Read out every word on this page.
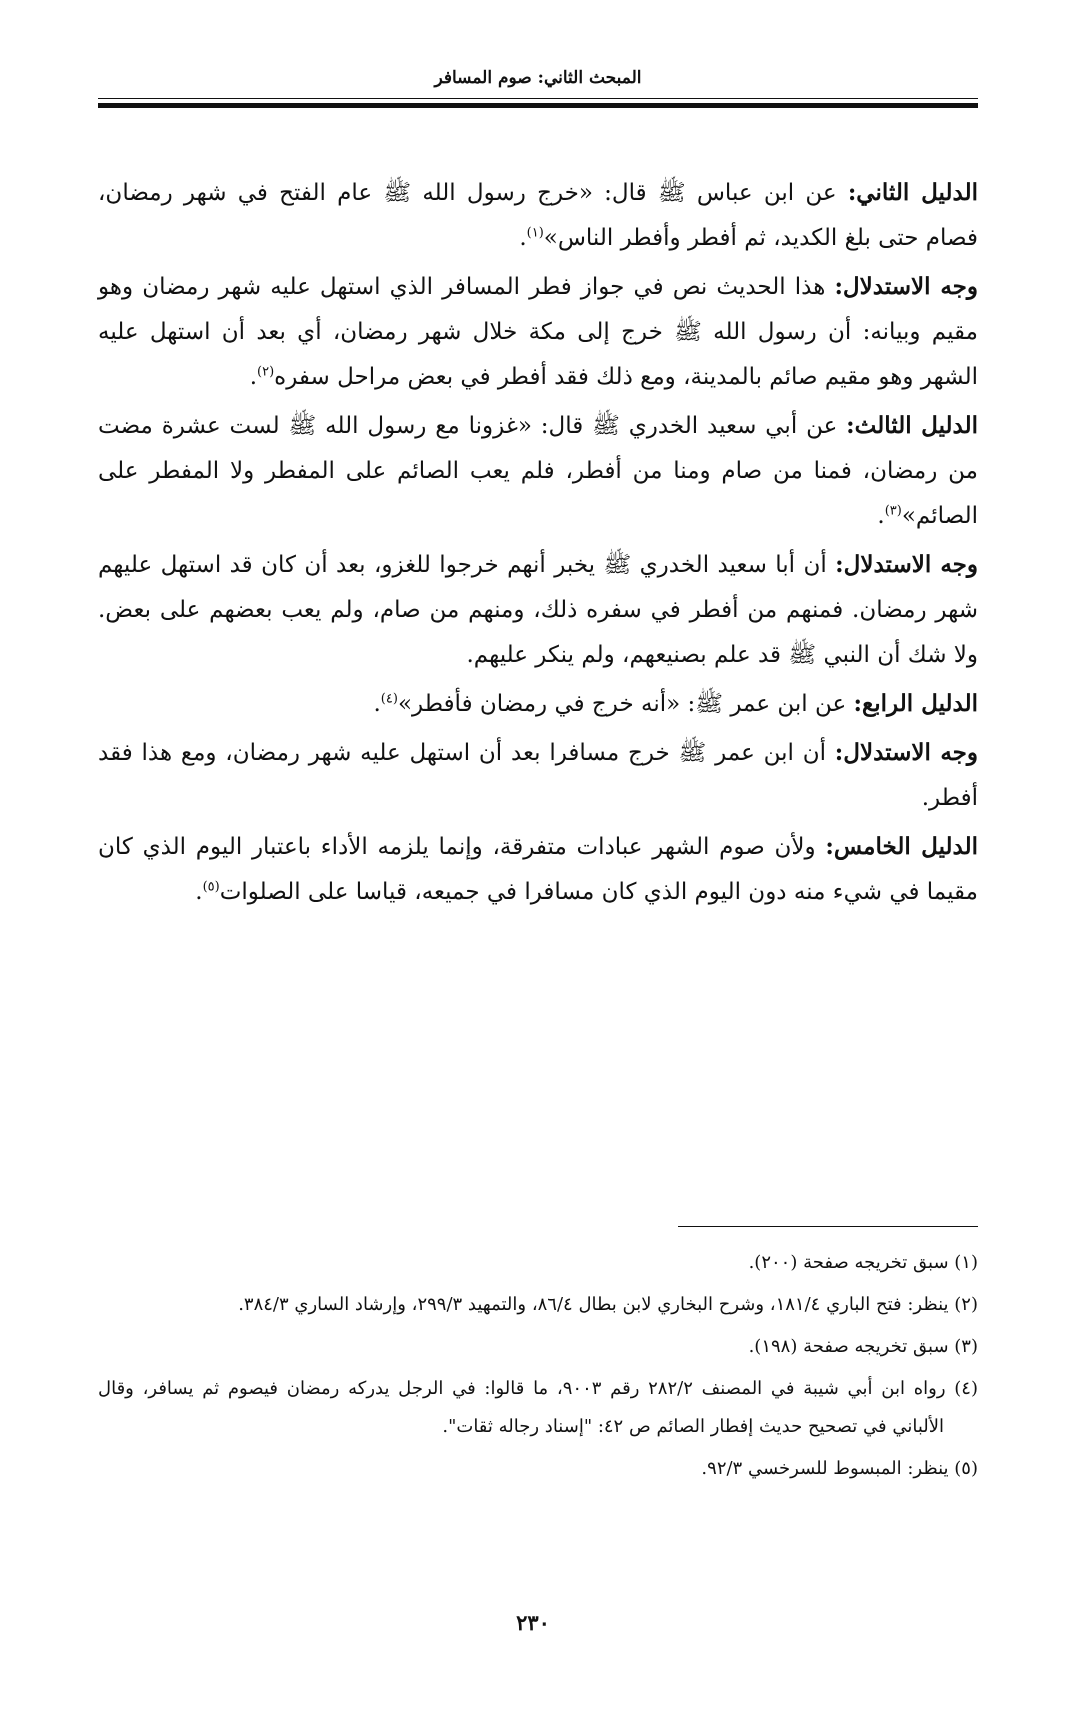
المبحث الثاني: صوم المسافر

الدليل الثاني: عن ابن عباس ﷺ قال: «خرج رسول الله ﷺ عام الفتح في شهر رمضان، فصام حتى بلغ الكديد، ثم أفطر وأفطر الناس»$^{(١)}$.

وجه الاستدلال: هذا الحديث نص في جواز فطر المسافر الذي استهل عليه شهر رمضان وهو مقيم وبيانه: أن رسول الله ﷺ خرج إلى مكة خلال شهر رمضان، أي بعد أن استهل عليه الشهر وهو مقيم صائم بالمدينة، ومع ذلك فقد أفطر في بعض مراحل سفره$^{(٢)}$.

الدليل الثالث: عن أبي سعيد الخدري ﷺ قال: «غزونا مع رسول الله ﷺ لست عشرة مضت من رمضان، فمنا من صام ومنا من أفطر، فلم يعب الصائم على المفطر ولا المفطر على الصائم»$^{(٣)}$.

وجه الاستدلال: أن أبا سعيد الخدري ﷺ يخبر أنهم خرجوا للغزو، بعد أن كان قد استهل عليهم شهر رمضان. فمنهم من أفطر في سفره ذلك، ومنهم من صام، ولم يعب بعضهم على بعض. ولا شك أن النبي ﷺ قد علم بصنيعهم، ولم ينكر عليهم.

الدليل الرابع: عن ابن عمر ﷺ: «أنه خرج في رمضان فأفطر»$^{(٤)}$.

وجه الاستدلال: أن ابن عمر ﷺ خرج مسافرا بعد أن استهل عليه شهر رمضان، ومع هذا فقد أفطر.

الدليل الخامس: ولأن صوم الشهر عبادات متفرقة، وإنما يلزمه الأداء باعتبار اليوم الذي كان مقيما في شيء منه دون اليوم الذي كان مسافرا في جميعه، قياسا على الصلوات$^{(٥)}$.

(١) سبق تخريجه صفحة (٢٠٠).

(٢) ينظر: فتح الباري ١٨١/٤، وشرح البخاري لابن بطال ٨٦/٤، والتمهيد ٢٩٩/٣، وإرشاد الساري ٣٨٤/٣.

(٣) سبق تخريجه صفحة (١٩٨).

(٤) رواه ابن أبي شيبة في المصنف ٢٨٢/٢ رقم ٩٠٠٣، ما قالوا: في الرجل يدركه رمضان فيصوم ثم يسافر، وقال الألباني في تصحيح حديث إفطار الصائم ص ٤٢: "إسناد رجاله ثقات".

(٥) ينظر: المبسوط للسرخسي ٩٢/٣.

٢٣٠
